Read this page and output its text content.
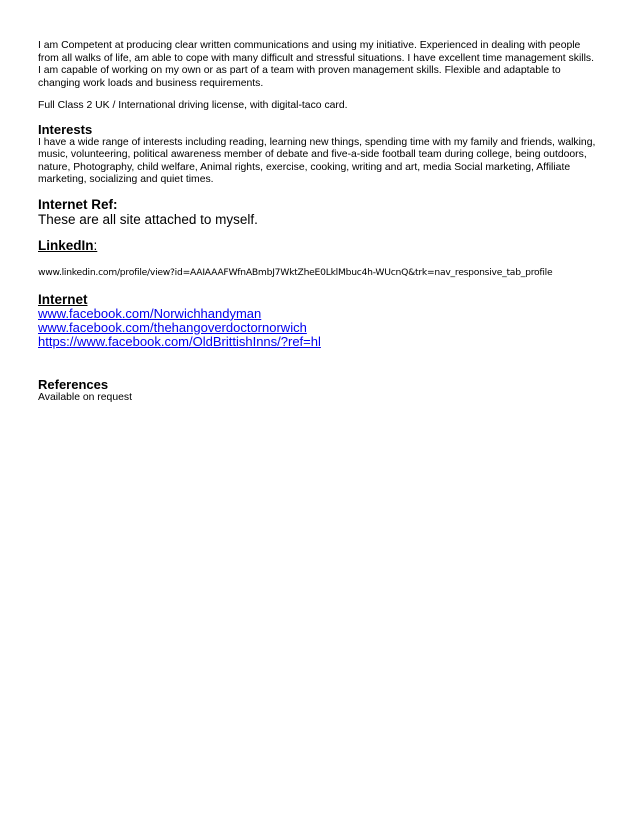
I am Competent at producing clear written communications and using my initiative. Experienced in dealing with people
from all walks of life, am able to cope with many difficult and stressful situations. I have excellent time management skills.
I am capable of working on my own or as part of a team with proven management skills. Flexible and adaptable to
changing work loads and business requirements.

Full Class 2 UK / International driving license, with digital-taco card.

Interests
I have a wide range of interests including reading, learning new things, spending time with my family and friends, walking,
music, volunteering, political awareness member of debate and five-a-side football team during college, being outdoors,
nature, Photography, child welfare, Animal rights, exercise, cooking, writing and art, media Social marketing, Affiliate
marketing, socializing and quiet times.
Internet Ref:

These are all site attached to myself.

LinkedIn:

www.linkedin.com/profile/view?id=AAIAAAFWfnABmbJ7WktZheE0LklMbuc4h-WUcnQ&trk=nav_responsive_tab_profile

Internet
www.facebook.com/Norwichhandyman
www.facebook.com/thehangoverdoctornorwich
https://www.facebook.com/OldBrittishInns/?ref=hl
References

Available on request
